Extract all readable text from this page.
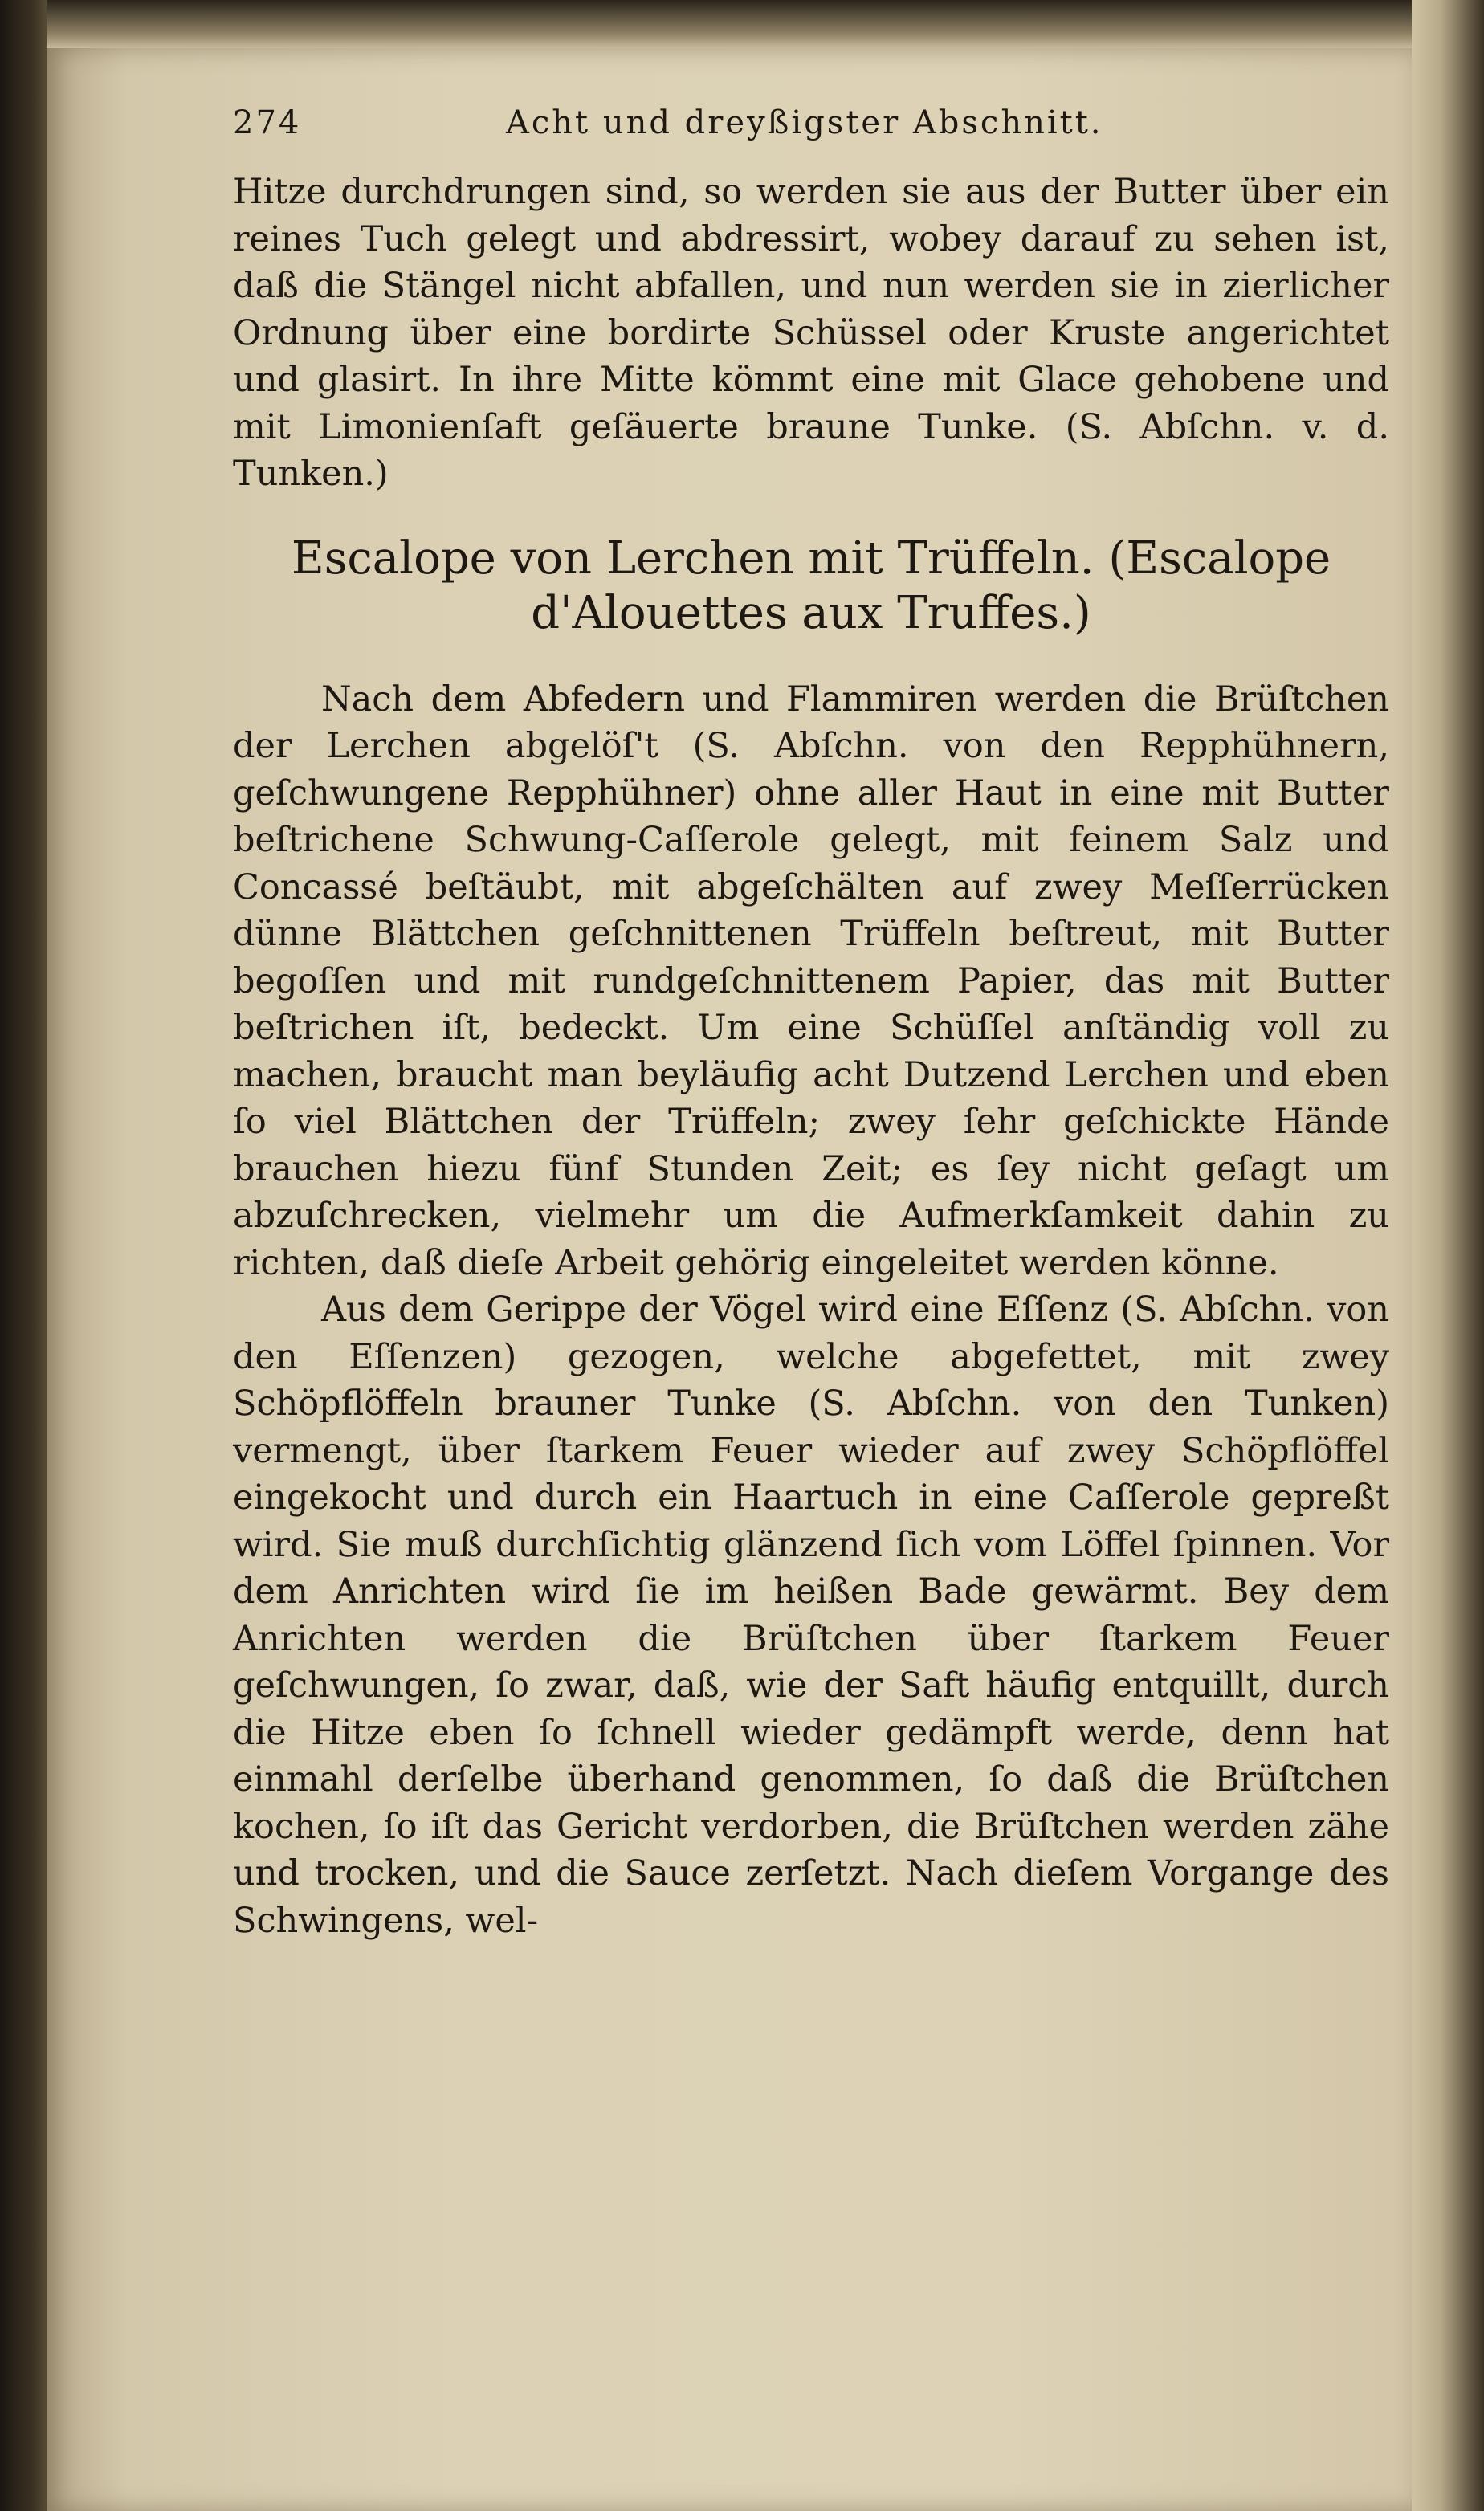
274	Acht und dreyßigster Abschnitt.

Hitze durchdrungen sind, so werden sie aus der Butter über ein reines Tuch gelegt und abdressirt, wobey darauf zu sehen ist, daß die Stängel nicht abfallen, und nun werden sie in zierlicher Ordnung über eine bordirte Schüssel oder Kruste angerichtet und glasirt. In ihre Mitte kömmt eine mit Glace gehobene und mit Limonienſaft geſäuerte braune Tunke. (S. Abſchn. v. d. Tunken.)

Escalope von Lerchen mit Trüffeln. (Escalope d'Alouettes aux Truffes.)

Nach dem Abfedern und Flammiren werden die Brüſtchen der Lerchen abgelöſ't (S. Abſchn. von den Repphühnern, geſchwungene Repphühner) ohne aller Haut in eine mit Butter beſtrichene Schwung-Caſſerole gelegt, mit feinem Salz und Concassé beſtäubt, mit abgeſchälten auf zwey Meſſerrücken dünne Blättchen geſchnittenen Trüffeln beſtreut, mit Butter begoſſen und mit rundgeſchnittenem Papier, das mit Butter beſtrichen iſt, bedeckt. Um eine Schüſſel anſtändig voll zu machen, braucht man beyläufig acht Dutzend Lerchen und eben ſo viel Blättchen der Trüffeln; zwey ſehr geſchickte Hände brauchen hiezu fünf Stunden Zeit; es ſey nicht geſagt um abzuſchrecken, vielmehr um die Aufmerkſamkeit dahin zu richten, daß dieſe Arbeit gehörig eingeleitet werden könne.

Aus dem Gerippe der Vögel wird eine Eſſenz (S. Abſchn. von den Eſſenzen) gezogen, welche abgefettet, mit zwey Schöpflöffeln brauner Tunke (S. Abſchn. von den Tunken) vermengt, über ſtarkem Feuer wieder auf zwey Schöpflöffel eingekocht und durch ein Haartuch in eine Caſſerole gepreßt wird. Sie muß durchſichtig glänzend ſich vom Löffel ſpinnen. Vor dem Anrichten wird ſie im heißen Bade gewärmt. Bey dem Anrichten werden die Brüſtchen über ſtarkem Feuer geſchwungen, ſo zwar, daß, wie der Saft häufig entquillt, durch die Hitze eben ſo ſchnell wieder gedämpft werde, denn hat einmahl derſelbe überhand genommen, ſo daß die Brüſtchen kochen, ſo iſt das Gericht verdorben, die Brüſtchen werden zähe und trocken, und die Sauce zerſetzt. Nach dieſem Vorgange des Schwingens, wel-
